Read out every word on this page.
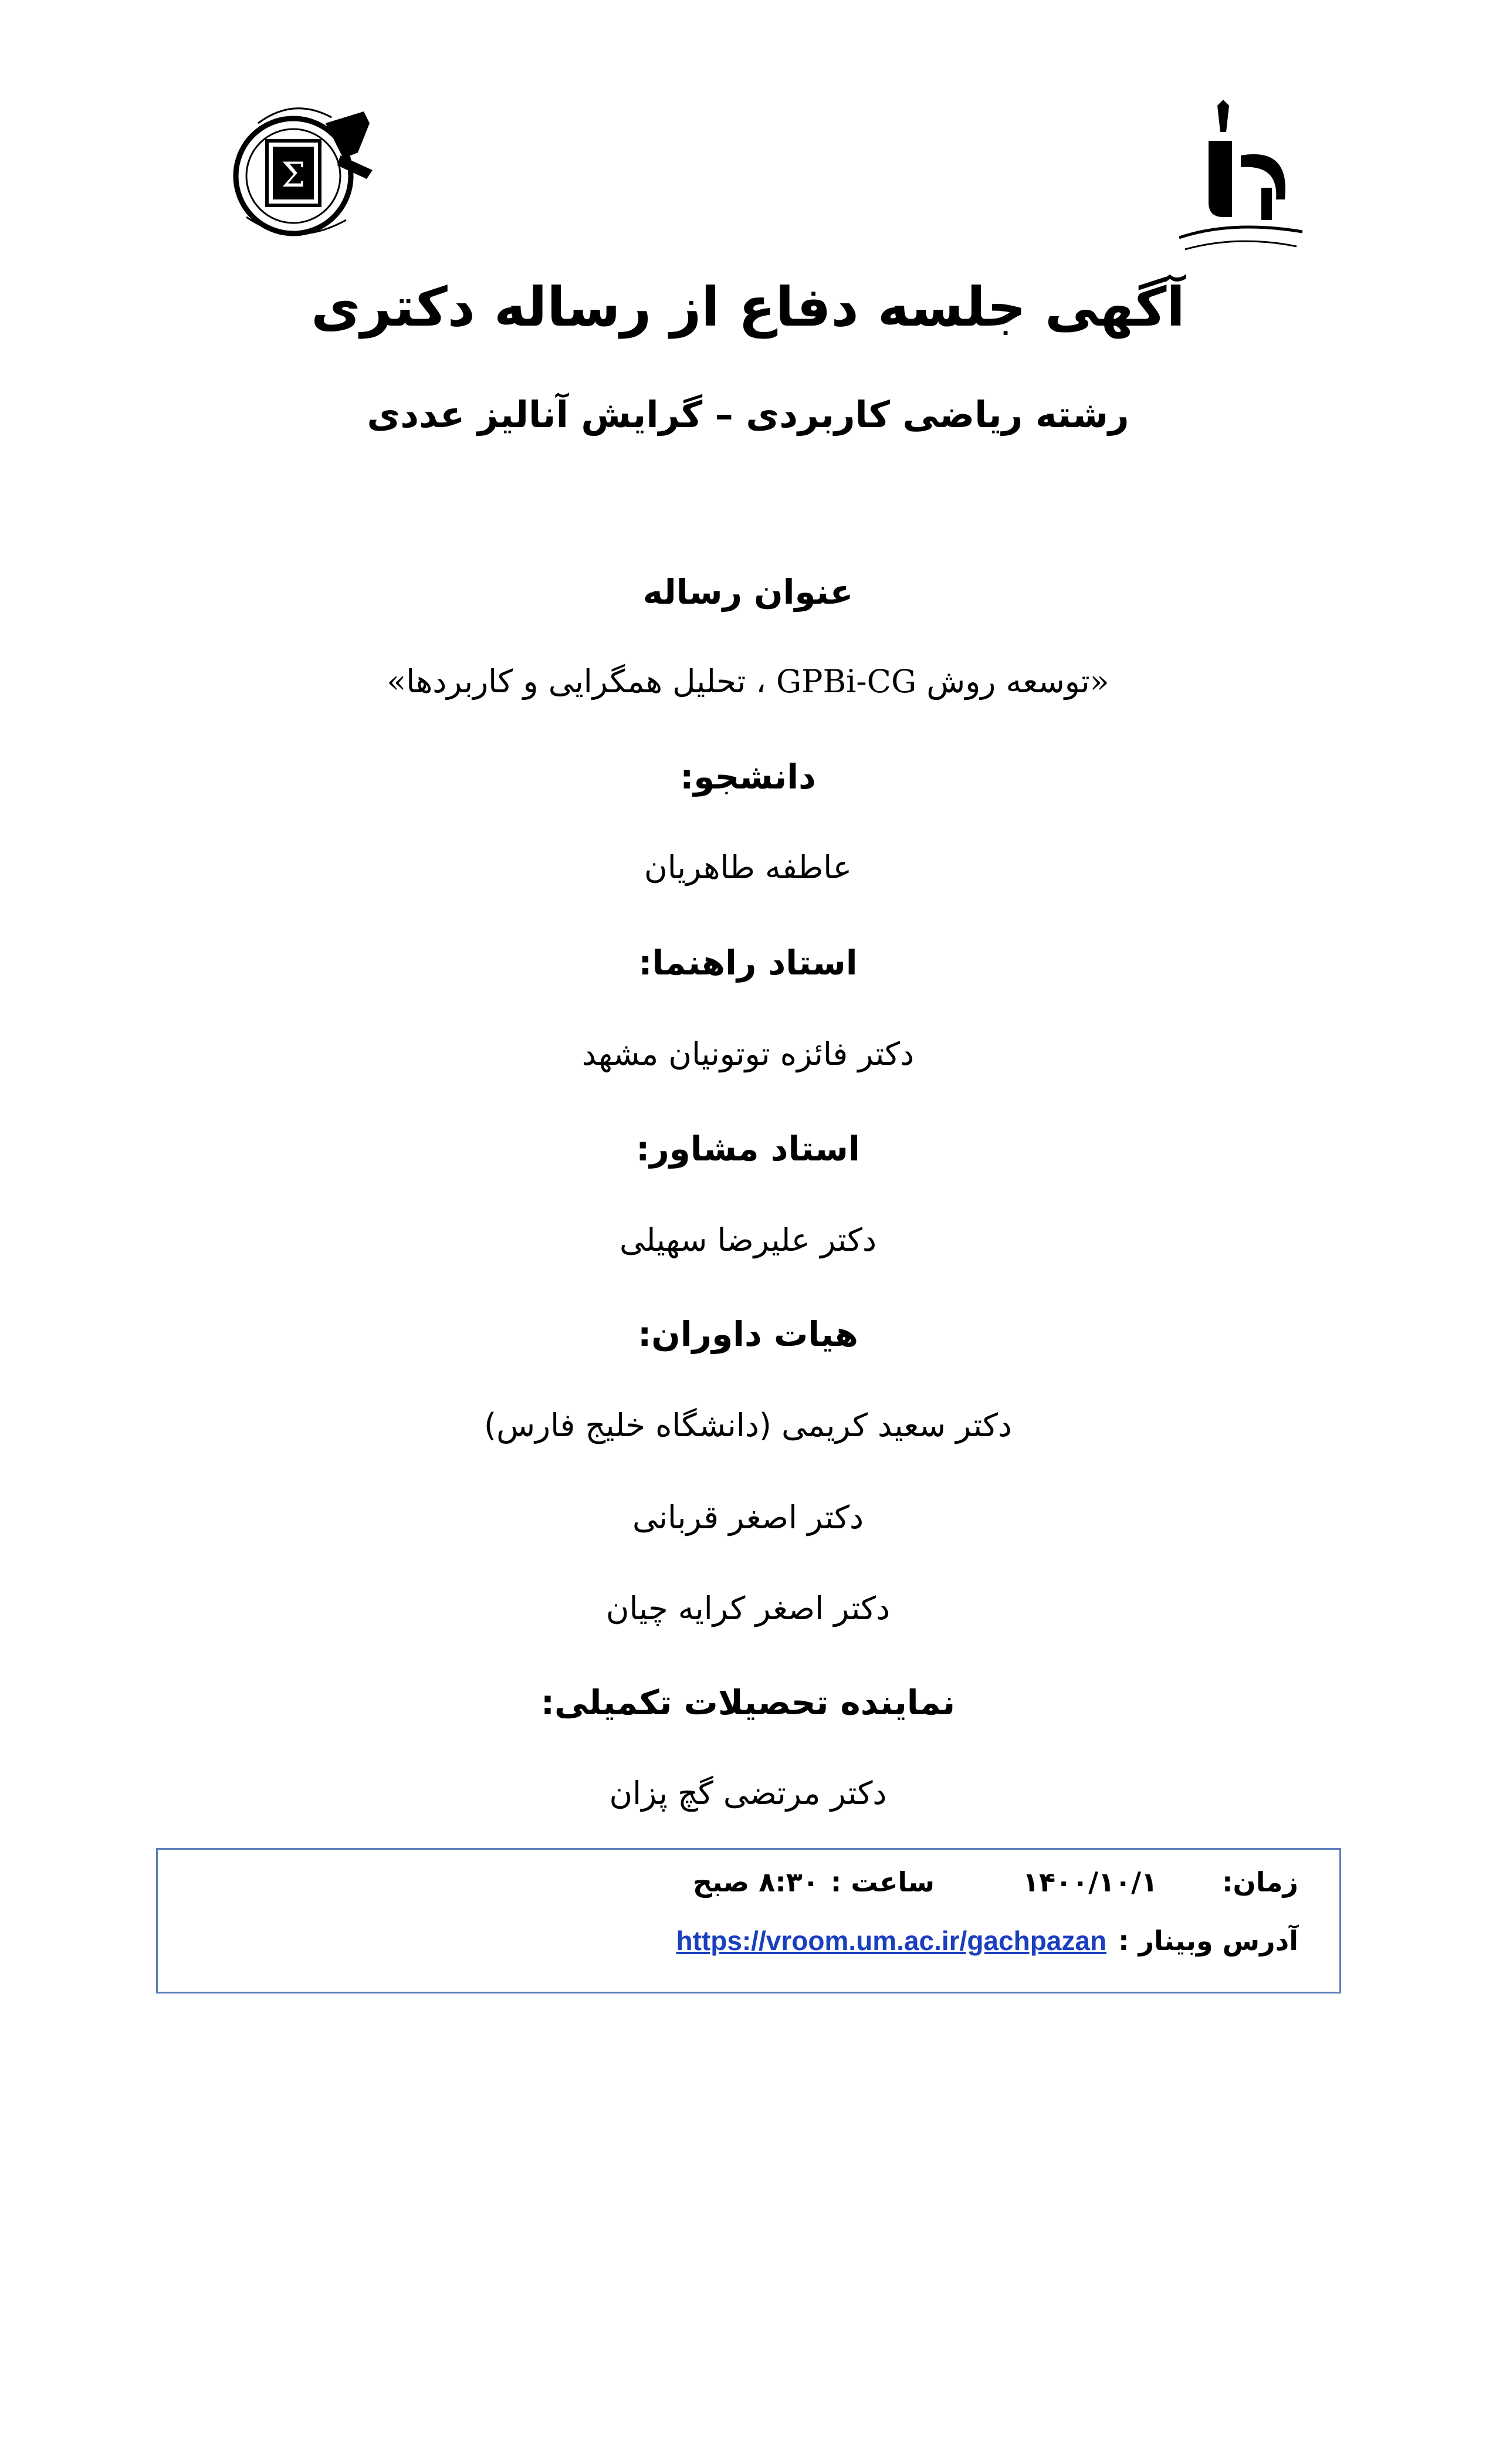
Σ
آگهی جلسه دفاع از رساله دکتری
رشته ریاضی کاربردی – گرایش آنالیز عددی
عنوان رساله
«توسعه روش GPBi-CG ، تحلیل همگرایی و کاربردها»
دانشجو:
عاطفه طاهریان
استاد راهنما:
دکتر فائزه توتونیان مشهد
استاد مشاور:
دکتر علیرضا سهیلی
هیات داوران:
دکتر سعید کریمی (دانشگاه خلیج فارس)
دکتر اصغر قربانی
دکتر اصغر کرایه چیان
نماینده تحصیلات تکمیلی:
دکتر مرتضی گچ پزان
زمان:
۱۴۰۰/۱۰/۱
ساعت :
۸:۳۰ صبح
آدرس وبینار :
https://vroom.um.ac.ir/gachpazan
